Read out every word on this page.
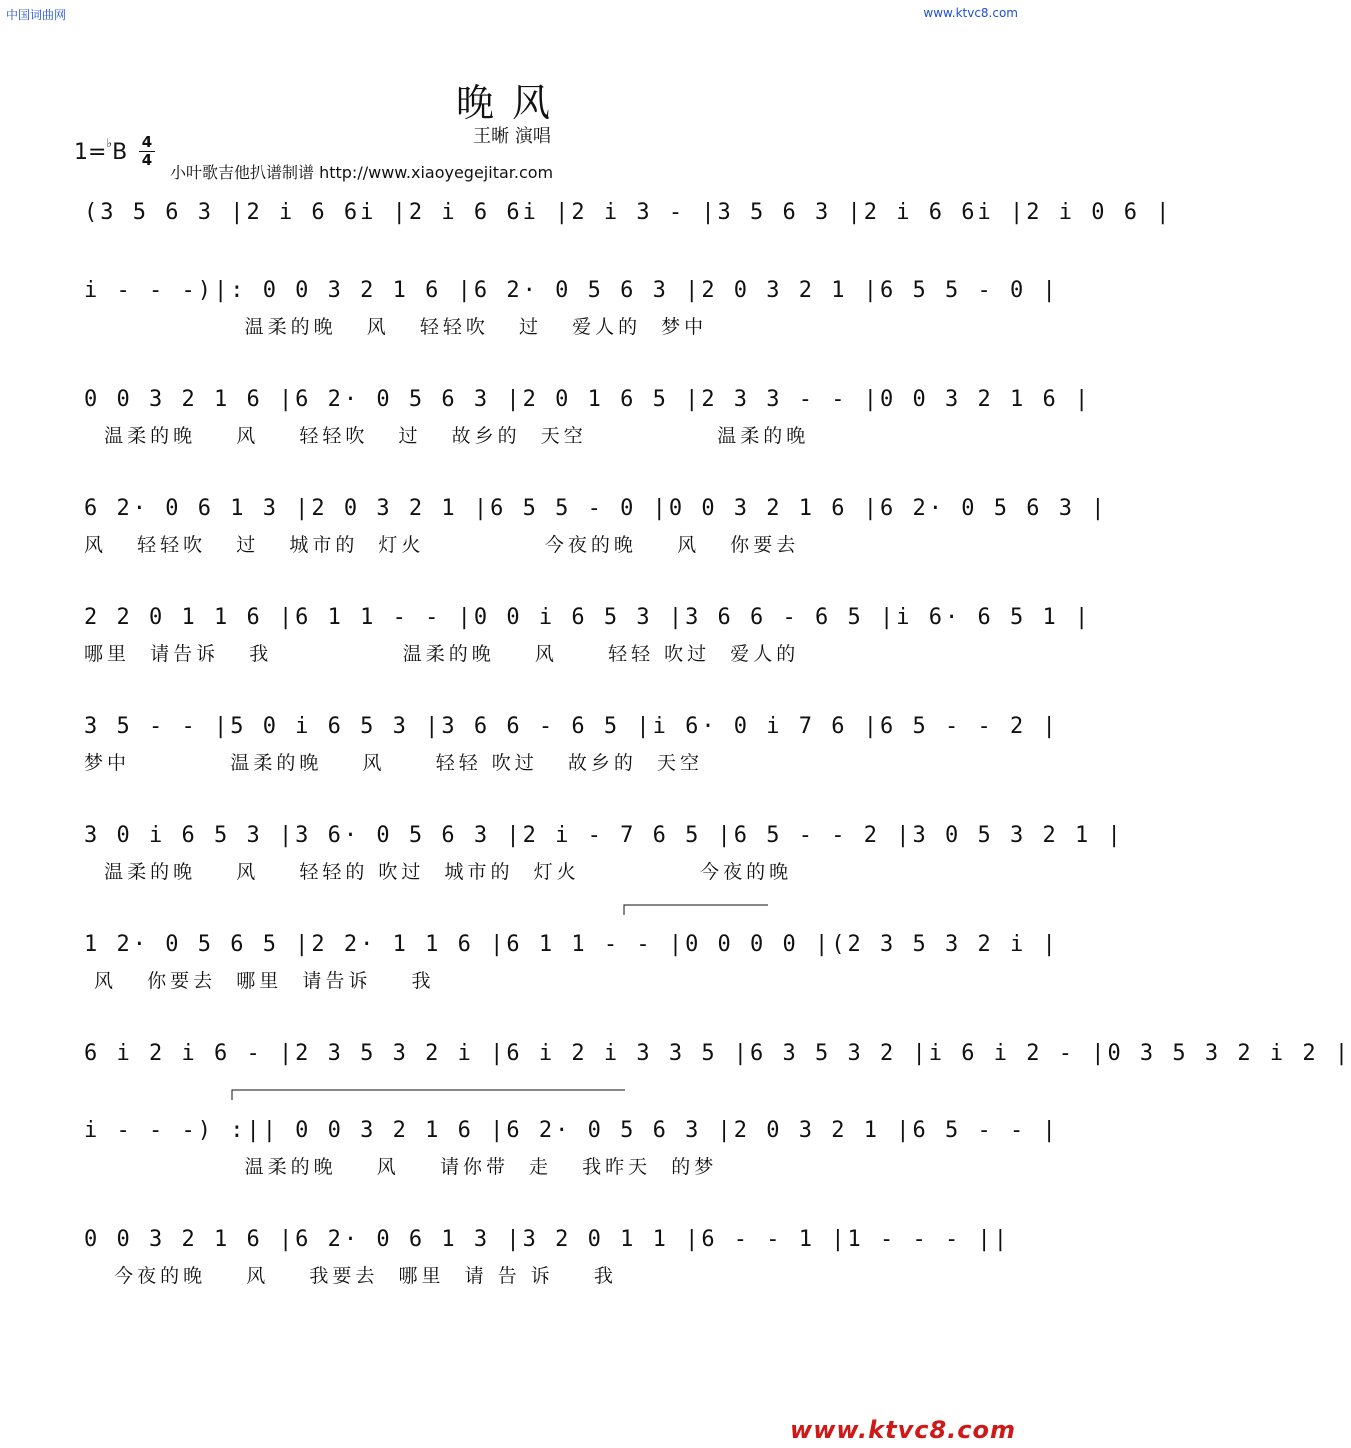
中国词曲网	www.ktvc8.com
晚风
王晰 演唱
1=♭B 4
4
小叶歌吉他扒谱制谱 http://www.xiaoyegejitar.com
(3 5 6 3 |2 i 6 6i |2 i 6 6i |2 i 3 - |3 5 6 3 |2 i 6 6i |2 i 0 6 |
i - - -)|: 0 0 3 2 1 6 |6 2· 0 5 6 3 |2 0 3 2 1 |6 5 5 - 0 |
温柔的晚   风   轻轻吹   过   爱人的  梦中
0 0 3 2 1 6 |6 2· 0 5 6 3 |2 0 1 6 5 |2 3 3 - - |0 0 3 2 1 6 |
温柔的晚    风    轻轻吹   过   故乡的  天空             温柔的晚
6 2· 0 6 1 3 |2 0 3 2 1 |6 5 5 - 0 |0 0 3 2 1 6 |6 2· 0 5 6 3 |
风   轻轻吹   过   城市的  灯火            今夜的晚    风   你要去
2 2 0 1 1 6 |6 1 1 - - |0 0 i 6 5 3 |3 6 6 - 6 5 |i 6· 6 5 1 |
哪里  请告诉   我             温柔的晚    风     轻轻 吹过  爱人的
3 5 - - |5 0 i 6 5 3 |3 6 6 - 6 5 |i 6· 0 i 7 6 |6 5 - - 2 |
梦中          温柔的晚    风     轻轻 吹过   故乡的  天空
3 0 i 6 5 3 |3 6· 0 5 6 3 |2 i - 7 6 5 |6 5 - - 2 |3 0 5 3 2 1 |
温柔的晚    风    轻轻的 吹过  城市的  灯火            今夜的晚
1 2· 0 5 6 5 |2 2· 1 1 6 |6 1 1 - - |0 0 0 0 |(2 3 5 3 2 i |
风   你要去  哪里  请告诉    我
6 i 2 i 6 - |2 3 5 3 2 i |6 i 2 i 3 3 5 |6 3 5 3 2 |i 6 i 2 - |0 3 5 3 2 i 2 |
i - - -) :|| 0 0 3 2 1 6 |6 2· 0 5 6 3 |2 0 3 2 1 |6 5 - - |
温柔的晚    风    请你带  走   我昨天  的梦
0 0 3 2 1 6 |6 2· 0 6 1 3 |3 2 0 1 1 |6 - - 1 |1 - - - ||
今夜的晚    风    我要去  哪里  请 告 诉    我
www.ktvc8.com
